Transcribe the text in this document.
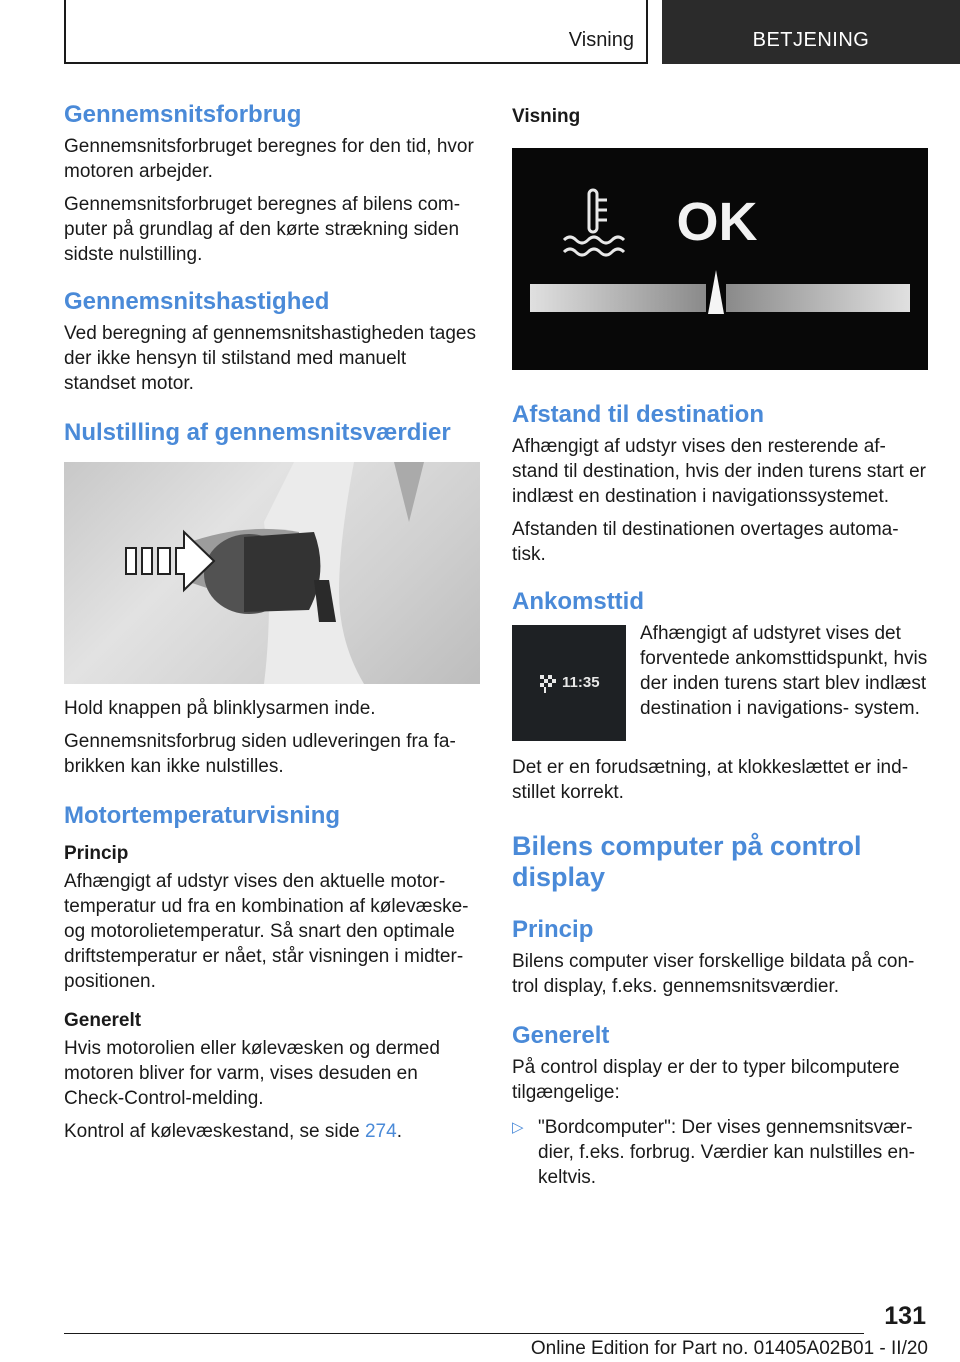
Visning	BETJENING
Gennemsnitsforbrug

Gennemsnitsforbruget beregnes for den tid, hvor motoren arbejder.

Gennemsnitsforbruget beregnes af bilens com‐ puter på grundlag af den kørte strækning siden sidste nulstilling.

Gennemsnitshastighed

Ved beregning af gennemsnitshastigheden tages der ikke hensyn til stilstand med manuelt standset motor.

Nulstilling af gennemsnitsværdier

Hold knappen på blinklysarmen inde.

Gennemsnitsforbrug siden udleveringen fra fa‐ brikken kan ikke nulstilles.

Motortemperaturvisning
Princip

Afhængigt af udstyr vises den aktuelle motor‐ temperatur ud fra en kombination af kølevæske- og motorolietemperatur. Så snart den optimale driftstemperatur er nået, står visningen i midter‐ positionen.

Generelt

Hvis motorolien eller kølevæsken og dermed motoren bliver for varm, vises desuden en Check-Control-melding.

Kontrol af kølevæskestand, se side 274.

Visning
OK
Afstand til destination

Afhængigt af udstyr vises den resterende af‐ stand til destination, hvis der inden turens start er indlæst en destination i navigationssystemet.

Afstanden til destinationen overtages automa‐ tisk.

Ankomsttid
11:35

Afhængigt af udstyret vises det forventede ankomsttidspunkt, hvis der inden turens start blev indlæst destination i navigations‐ system.

Det er en forudsætning, at klokkeslættet er ind‐ stillet korrekt.

Bilens computer på control display
Princip

Bilens computer viser forskellige bildata på con‐ trol display, f.eks. gennemsnitsværdier.

Generelt

På control display er der to typer bilcomputere tilgængelige:

▷ "Bordcomputer": Der vises gennemsnitsvær‐ dier, f.eks. forbrug. Værdier kan nulstilles en‐ keltvis.

131
Online Edition for Part no. 01405A02B01 - II/20
